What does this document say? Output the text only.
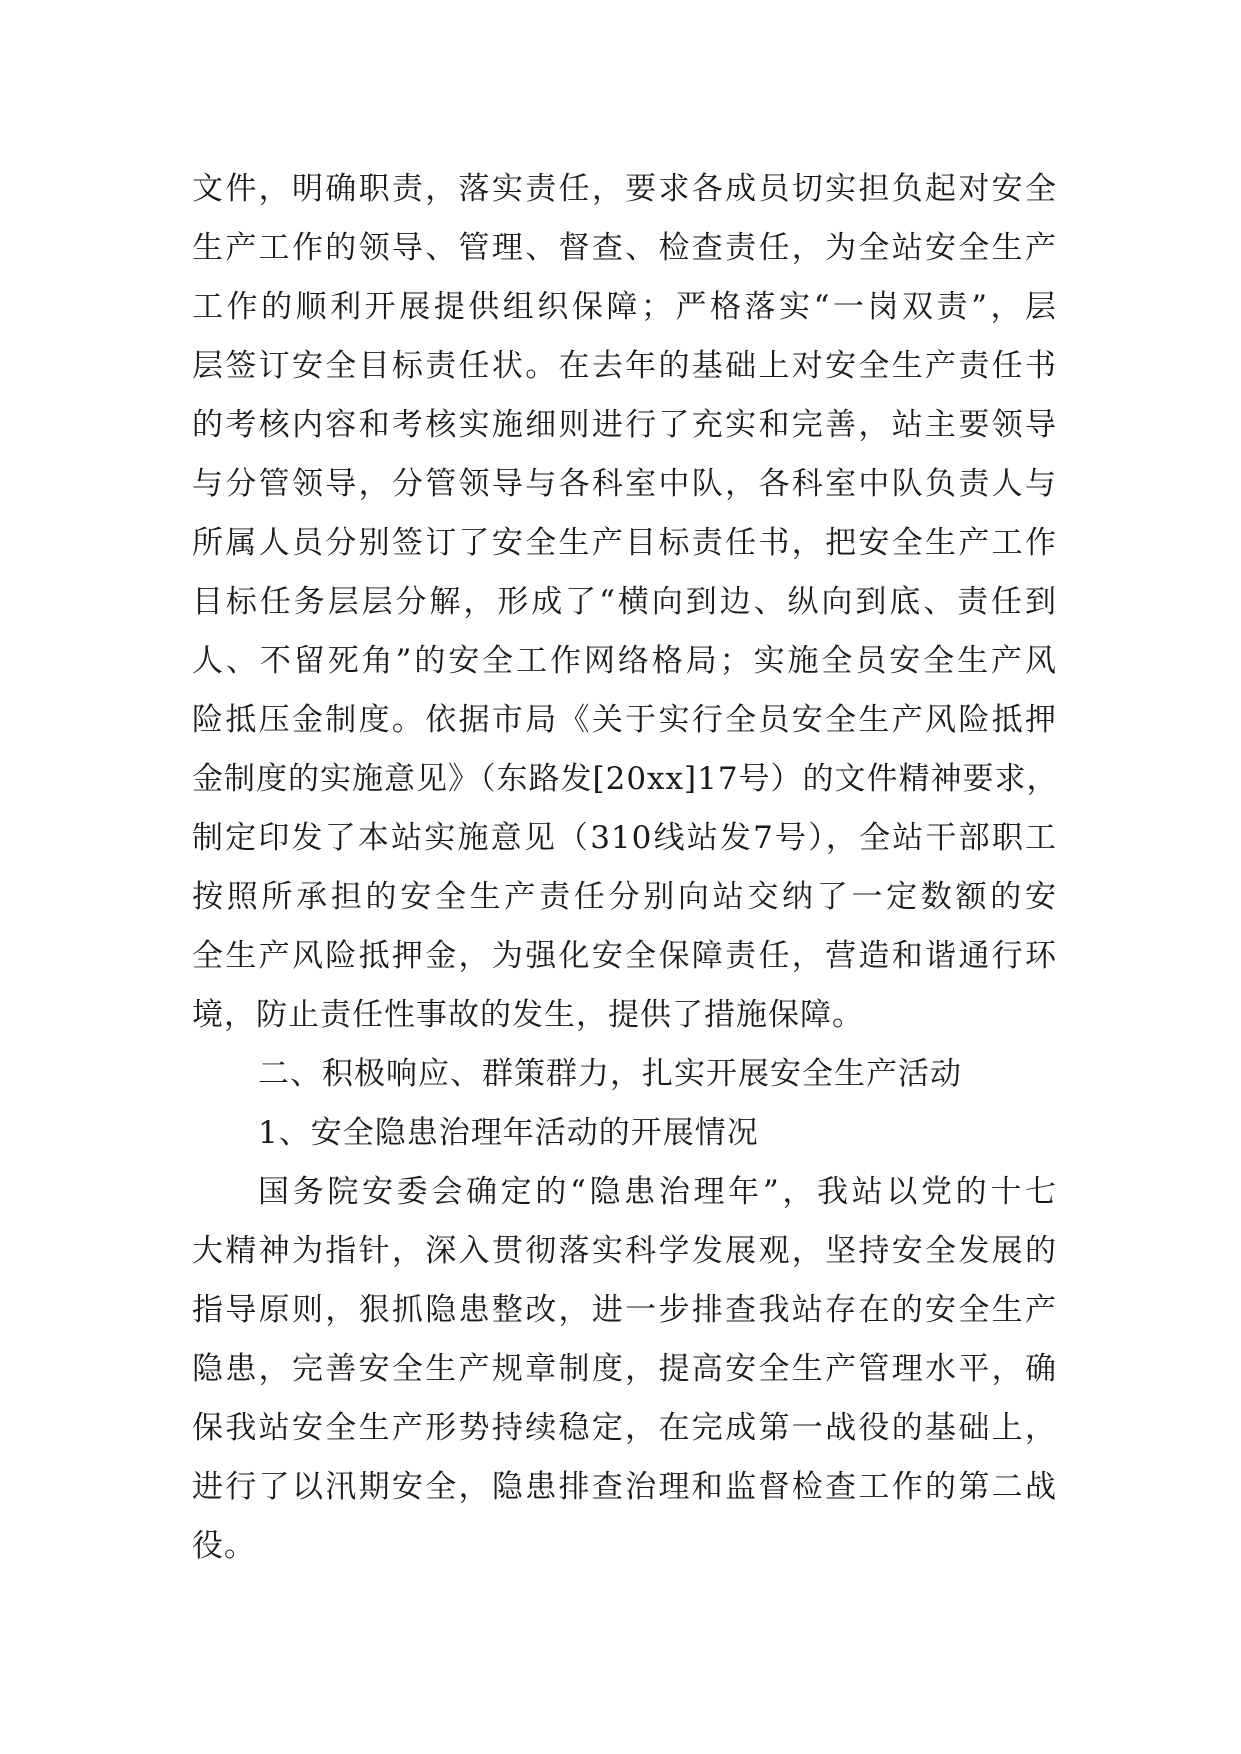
文件，明确职责，落实责任，要求各成员切实担负起对安全
生产工作的领导、管理、督查、检查责任，为全站安全生产
工作的顺利开展提供组织保障；严格落实“一岗双责”，层
层签订安全目标责任状。在去年的基础上对安全生产责任书
的考核内容和考核实施细则进行了充实和完善，站主要领导
与分管领导，分管领导与各科室中队，各科室中队负责人与
所属人员分别签订了安全生产目标责任书，把安全生产工作
目标任务层层分解，形成了“横向到边、纵向到底、责任到
人、不留死角”的安全工作网络格局；实施全员安全生产风
险抵压金制度。依据市局《关于实行全员安全生产风险抵押
金制度的实施意见》（东路发[20xx]17号）的文件精神要求，
制定印发了本站实施意见（310线站发7号），全站干部职工
按照所承担的安全生产责任分别向站交纳了一定数额的安
全生产风险抵押金，为强化安全保障责任，营造和谐通行环
境，防止责任性事故的发生，提供了措施保障。
二、积极响应、群策群力，扎实开展安全生产活动
1、安全隐患治理年活动的开展情况
国务院安委会确定的“隐患治理年”，我站以党的十七
大精神为指针，深入贯彻落实科学发展观，坚持安全发展的
指导原则，狠抓隐患整改，进一步排查我站存在的安全生产
隐患，完善安全生产规章制度，提高安全生产管理水平，确
保我站安全生产形势持续稳定，在完成第一战役的基础上，
进行了以汛期安全，隐患排查治理和监督检查工作的第二战
役。
